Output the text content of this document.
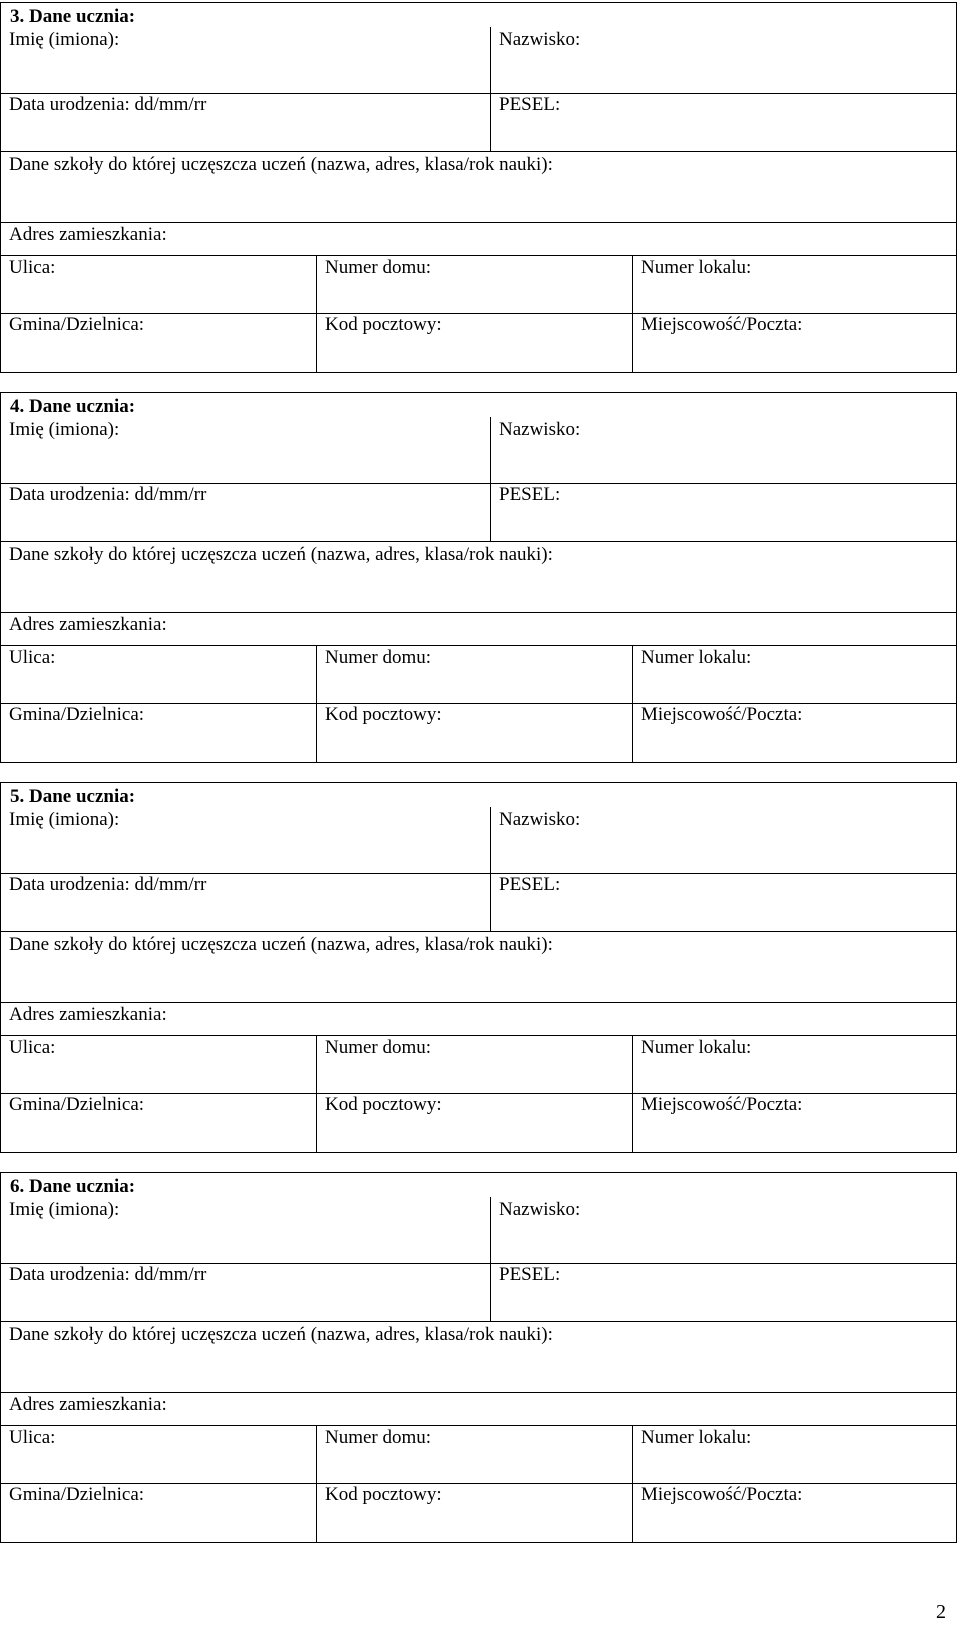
3. Dane ucznia:
Imię (imiona):	Nazwisko:
Data urodzenia: dd/mm/rr	PESEL:
Dane szkoły do której uczęszcza uczeń (nazwa, adres, klasa/rok nauki):
Adres zamieszkania:
Ulica:	Numer domu:	Numer lokalu:
Gmina/Dzielnica:	Kod pocztowy:	Miejscowość/Poczta:
4. Dane ucznia:
Imię (imiona):	Nazwisko:
Data urodzenia: dd/mm/rr	PESEL:
Dane szkoły do której uczęszcza uczeń (nazwa, adres, klasa/rok nauki):
Adres zamieszkania:
Ulica:	Numer domu:	Numer lokalu:
Gmina/Dzielnica:	Kod pocztowy:	Miejscowość/Poczta:
5. Dane ucznia:
Imię (imiona):	Nazwisko:
Data urodzenia: dd/mm/rr	PESEL:
Dane szkoły do której uczęszcza uczeń (nazwa, adres, klasa/rok nauki):
Adres zamieszkania:
Ulica:	Numer domu:	Numer lokalu:
Gmina/Dzielnica:	Kod pocztowy:	Miejscowość/Poczta:
6. Dane ucznia:
Imię (imiona):	Nazwisko:
Data urodzenia: dd/mm/rr	PESEL:
Dane szkoły do której uczęszcza uczeń (nazwa, adres, klasa/rok nauki):
Adres zamieszkania:
Ulica:	Numer domu:	Numer lokalu:
Gmina/Dzielnica:	Kod pocztowy:	Miejscowość/Poczta:
2
